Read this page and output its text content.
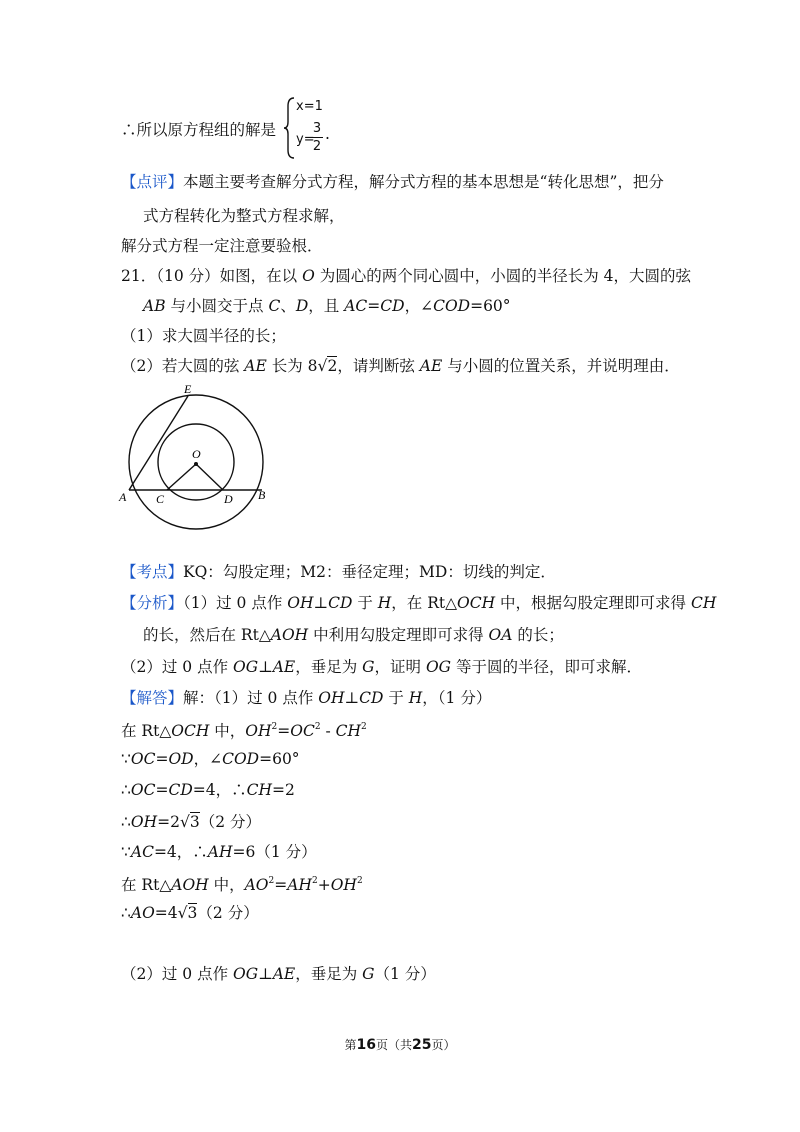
∴所以原方程组的解是
x=1
y=
3
2
.
【点评】本题主要考查解分式方程，解分式方程的基本思想是“转化思想”，把分
式方程转化为整式方程求解，
解分式方程一定注意要验根．
21．（10 分）如图，在以 O 为圆心的两个同心圆中，小圆的半径长为 4，大圆的弦
AB 与小圆交于点 C、D，且 AC=CD，∠COD=60°
（1）求大圆半径的长；
（2）若大圆的弦 AE 长为 8√2，请判断弦 AE 与小圆的位置关系，并说明理由．
E
O
A C	D B
【考点】KQ：勾股定理；M2：垂径定理；MD：切线的判定．
【分析】（1）过 0 点作 OH⊥CD 于 H，在 Rt△OCH 中，根据勾股定理即可求得 CH
的长，然后在 Rt△AOH 中利用勾股定理即可求得 OA 的长；
（2）过 0 点作 OG⊥AE，垂足为 G，证明 OG 等于圆的半径，即可求解．
【解答】解：（1）过 0 点作 OH⊥CD 于 H，（1 分）
在 Rt△OCH 中，$OH^2=OC^2 - CH^2$
∵OC=OD，∠COD=60°
∴OC=CD=4，∴CH=2
∴OH=2√3（2 分）
∵AC=4，∴AH=6（1 分）
在 Rt△AOH 中，$AO^2=AH^2+OH^2$
∴AO=4√3（2 分）
（2）过 0 点作 OG⊥AE，垂足为 G（1 分）
第16页（共25页）
